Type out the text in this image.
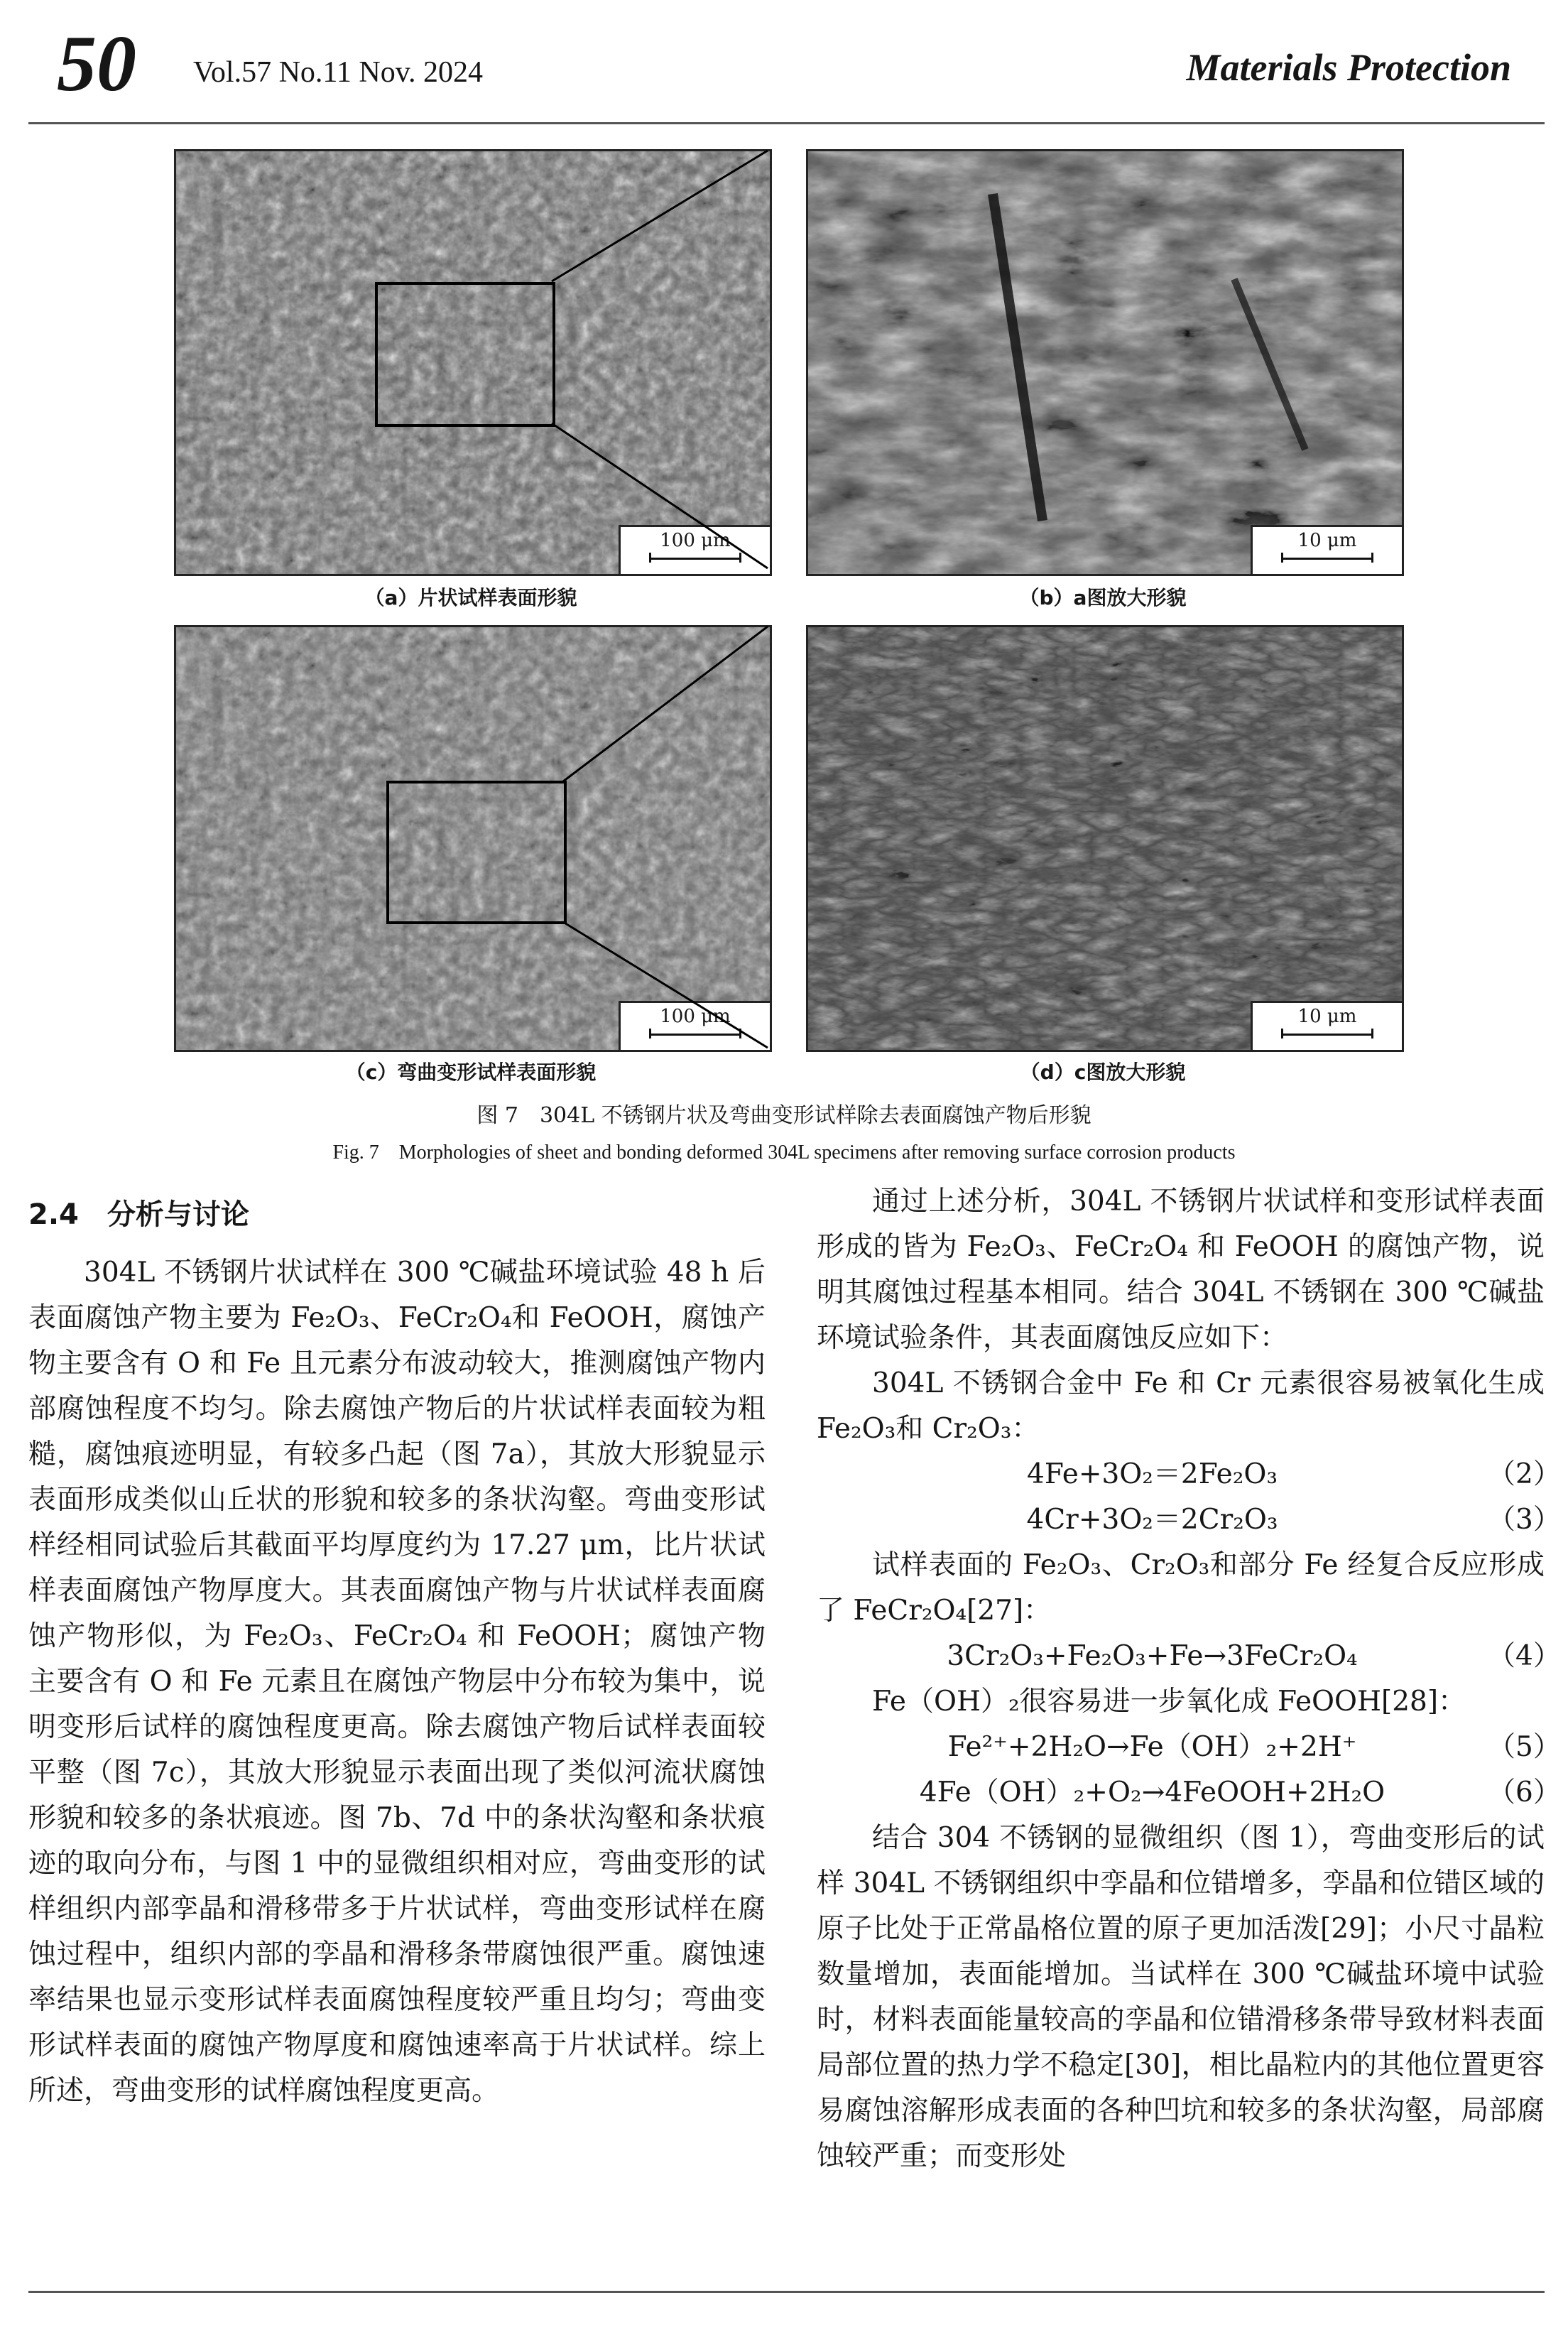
50 Vol.57 No.11 Nov. 2024	Materials Protection
100 μm	10 μm
（a）片状试样表面形貌	（b）a图放大形貌
100 μm	10 μm
（c）弯曲变形试样表面形貌	（d）c图放大形貌
图 7　304L 不锈钢片状及弯曲变形试样除去表面腐蚀产物后形貌
Fig. 7　Morphologies of sheet and bonding deformed 304L specimens after removing surface corrosion products
2.4　分析与讨论

304L 不锈钢片状试样在 300 ℃碱盐环境试验 48 h 后表面腐蚀产物主要为 Fe₂O₃、FeCr₂O₄和 FeOOH，腐蚀产物主要含有 O 和 Fe 且元素分布波动较大，推测腐蚀产物内部腐蚀程度不均匀。除去腐蚀产物后的片状试样表面较为粗糙，腐蚀痕迹明显，有较多凸起（图 7a），其放大形貌显示表面形成类似山丘状的形貌和较多的条状沟壑。弯曲变形试样经相同试验后其截面平均厚度约为 17.27 μm，比片状试样表面腐蚀产物厚度大。其表面腐蚀产物与片状试样表面腐蚀产物形似，为 Fe₂O₃、FeCr₂O₄ 和 FeOOH；腐蚀产物主要含有 O 和 Fe 元素且在腐蚀产物层中分布较为集中，说明变形后试样的腐蚀程度更高。除去腐蚀产物后试样表面较平整（图 7c），其放大形貌显示表面出现了类似河流状腐蚀形貌和较多的条状痕迹。图 7b、7d 中的条状沟壑和条状痕迹的取向分布，与图 1 中的显微组织相对应，弯曲变形的试样组织内部孪晶和滑移带多于片状试样，弯曲变形试样在腐蚀过程中，组织内部的孪晶和滑移条带腐蚀很严重。腐蚀速率结果也显示变形试样表面腐蚀程度较严重且均匀；弯曲变形试样表面的腐蚀产物厚度和腐蚀速率高于片状试样。综上所述，弯曲变形的试样腐蚀程度更高。

通过上述分析，304L 不锈钢片状试样和变形试样表面形成的皆为 Fe₂O₃、FeCr₂O₄ 和 FeOOH 的腐蚀产物，说明其腐蚀过程基本相同。结合 304L 不锈钢在 300 ℃碱盐环境试验条件，其表面腐蚀反应如下：

304L 不锈钢合金中 Fe 和 Cr 元素很容易被氧化生成 Fe₂O₃和 Cr₂O₃：

4Fe+3O₂＝2Fe₂O₃	（2）
4Cr+3O₂＝2Cr₂O₃	（3）

试样表面的 Fe₂O₃、Cr₂O₃和部分 Fe 经复合反应形成了 FeCr₂O₄[27]：

3Cr₂O₃+Fe₂O₃+Fe→3FeCr₂O₄	（4）

Fe（OH）₂很容易进一步氧化成 FeOOH[28]：

Fe²⁺+2H₂O→Fe（OH）₂+2H⁺	（5）
4Fe（OH）₂+O₂→4FeOOH+2H₂O	（6）

结合 304 不锈钢的显微组织（图 1），弯曲变形后的试样 304L 不锈钢组织中孪晶和位错增多，孪晶和位错区域的原子比处于正常晶格位置的原子更加活泼[29]；小尺寸晶粒数量增加，表面能增加。当试样在 300 ℃碱盐环境中试验时，材料表面能量较高的孪晶和位错滑移条带导致材料表面局部位置的热力学不稳定[30]，相比晶粒内的其他位置更容易腐蚀溶解形成表面的各种凹坑和较多的条状沟壑，局部腐蚀较严重；而变形处
